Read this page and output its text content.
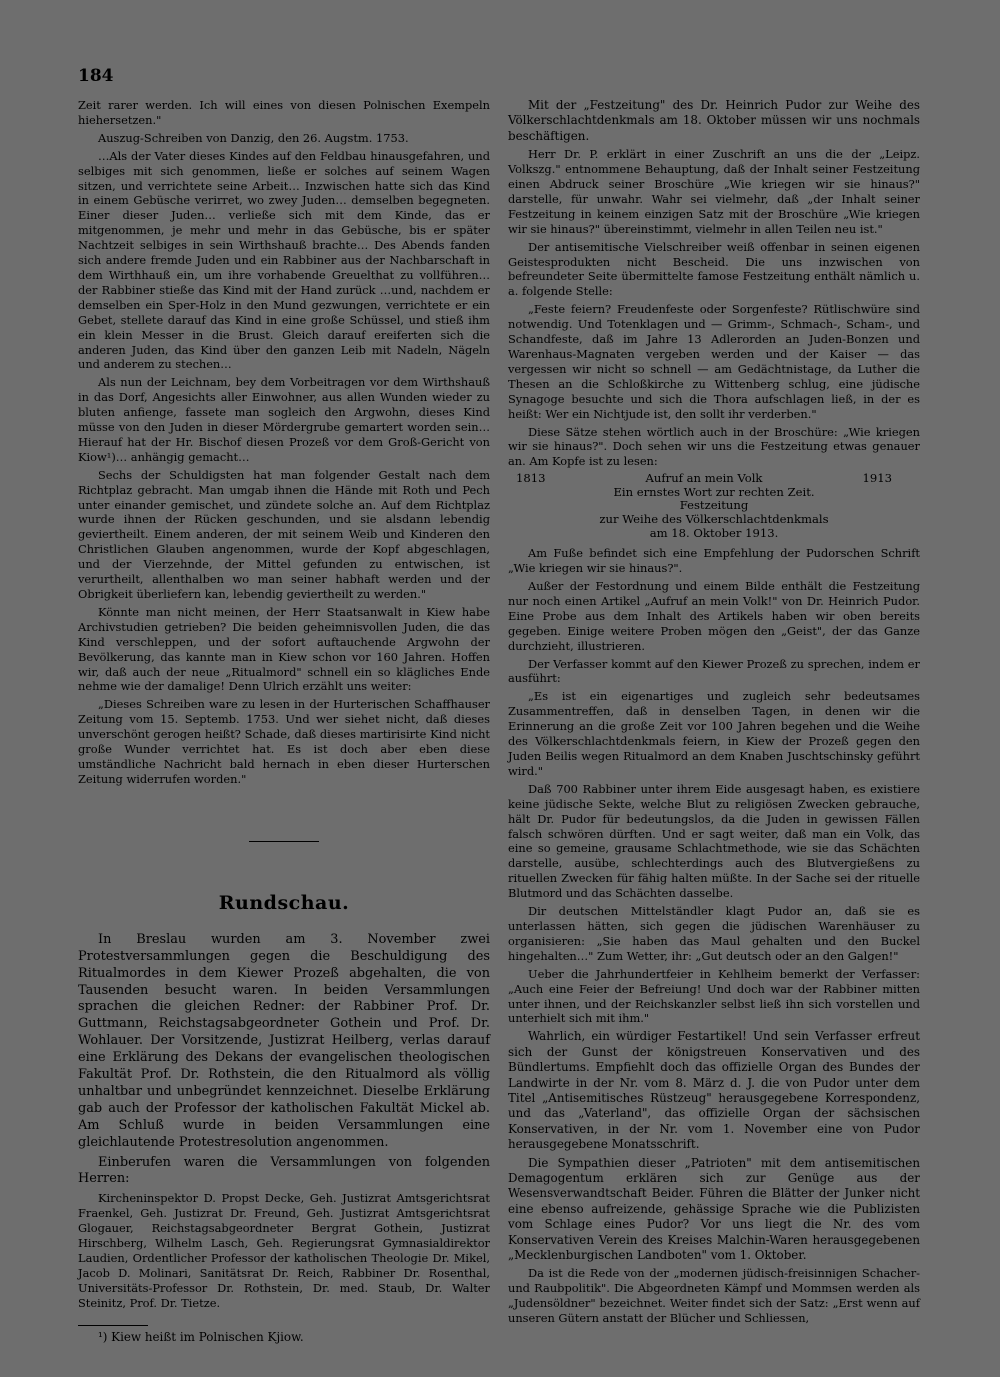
184

Zeit rarer werden. Ich will eines von diesen Polnischen Exempeln hiehersetzen."

Auszug-Schreiben von Danzig, den 26. Augstm. 1753.

…Als der Vater dieses Kindes auf den Feldbau hinausgefahren, und selbiges mit sich genommen, ließe er solches auf seinem Wagen sitzen, und verrichtete seine Arbeit… Inzwischen hatte sich das Kind in einem Gebüsche verirret, wo zwey Juden… demselben begegneten. Einer dieser Juden… verließe sich mit dem Kinde, das er mitgenommen, je mehr und mehr in das Gebüsche, bis er später Nachtzeit selbiges in sein Wirthshauß brachte… Des Abends fanden sich andere fremde Juden und ein Rabbiner aus der Nachbarschaft in dem Wirthhauß ein, um ihre vorhabende Greuelthat zu vollführen… der Rabbiner stieße das Kind mit der Hand zurück …und, nachdem er demselben ein Sper-Holz in den Mund gezwungen, verrichtete er ein Gebet, stellete darauf das Kind in eine große Schüssel, und stieß ihm ein klein Messer in die Brust. Gleich darauf ereiferten sich die anderen Juden, das Kind über den ganzen Leib mit Nadeln, Nägeln und anderem zu stechen…

Als nun der Leichnam, bey dem Vorbeitragen vor dem Wirthshauß in das Dorf, Angesichts aller Einwohner, aus allen Wunden wieder zu bluten anfienge, fassete man sogleich den Argwohn, dieses Kind müsse von den Juden in dieser Mördergrube gemartert worden sein… Hierauf hat der Hr. Bischof diesen Prozeß vor dem Groß-Gericht von Kiow¹)… anhängig gemacht…

Sechs der Schuldigsten hat man folgender Gestalt nach dem Richtplaz gebracht. Man umgab ihnen die Hände mit Roth und Pech unter einander gemischet, und zündete solche an. Auf dem Richtplaz wurde ihnen der Rücken geschunden, und sie alsdann lebendig geviertheilt. Einem anderen, der mit seinem Weib und Kinderen den Christlichen Glauben angenommen, wurde der Kopf abgeschlagen, und der Vierzehnde, der Mittel gefunden zu entwischen, ist verurtheilt, allenthalben wo man seiner habhaft werden und der Obrigkeit überliefern kan, lebendig geviertheilt zu werden."

Könnte man nicht meinen, der Herr Staatsanwalt in Kiew habe Archivstudien getrieben? Die beiden geheimnisvollen Juden, die das Kind verschleppen, und der sofort auftauchende Argwohn der Bevölkerung, das kannte man in Kiew schon vor 160 Jahren. Hoffen wir, daß auch der neue „Ritualmord" schnell ein so klägliches Ende nehme wie der damalige! Denn Ulrich erzählt uns weiter:

„Dieses Schreiben ware zu lesen in der Hurterischen Schaffhauser Zeitung vom 15. Septemb. 1753. Und wer siehet nicht, daß dieses unverschönt gerogen heißt? Schade, daß dieses martirisirte Kind nicht große Wunder verrichtet hat. Es ist doch aber eben diese umständliche Nachricht bald hernach in eben dieser Hurterschen Zeitung widerrufen worden."

Rundschau.

In Breslau wurden am 3. November zwei Protestversammlungen gegen die Beschuldigung des Ritualmordes in dem Kiewer Prozeß abgehalten, die von Tausenden besucht waren. In beiden Versammlungen sprachen die gleichen Redner: der Rabbiner Prof. Dr. Guttmann, Reichstagsabgeordneter Gothein und Prof. Dr. Wohlauer. Der Vorsitzende, Justizrat Heilberg, verlas darauf eine Erklärung des Dekans der evangelischen theologischen Fakultät Prof. Dr. Rothstein, die den Ritualmord als völlig unhaltbar und unbegründet kennzeichnet. Dieselbe Erklärung gab auch der Professor der katholischen Fakultät Mickel ab. Am Schluß wurde in beiden Versammlungen eine gleichlautende Protestresolution angenommen.

Einberufen waren die Versammlungen von folgenden Herren:

Kircheninspektor D. Propst Decke, Geh. Justizrat Amtsgerichtsrat Fraenkel, Geh. Justizrat Dr. Freund, Geh. Justizrat Amtsgerichtsrat Glogauer, Reichstagsabgeordneter Bergrat Gothein, Justizrat Hirschberg, Wilhelm Lasch, Geh. Regierungsrat Gymnasialdirektor Laudien, Ordentlicher Professor der katholischen Theologie Dr. Mikel, Jacob D. Molinari, Sanitätsrat Dr. Reich, Rabbiner Dr. Rosenthal, Universitäts-Professor Dr. Rothstein, Dr. med. Staub, Dr. Walter Steinitz, Prof. Dr. Tietze.

¹) Kiew heißt im Polnischen Kjiow.

Mit der „Festzeitung" des Dr. Heinrich Pudor zur Weihe des Völkerschlachtdenkmals am 18. Oktober müssen wir uns nochmals beschäftigen.

Herr Dr. P. erklärt in einer Zuschrift an uns die der „Leipz. Volkszg." entnommene Behauptung, daß der Inhalt seiner Festzeitung einen Abdruck seiner Broschüre „Wie kriegen wir sie hinaus?" darstelle, für unwahr. Wahr sei vielmehr, daß „der Inhalt seiner Festzeitung in keinem einzigen Satz mit der Broschüre „Wie kriegen wir sie hinaus?" übereinstimmt, vielmehr in allen Teilen neu ist."

Der antisemitische Vielschreiber weiß offenbar in seinen eigenen Geistesprodukten nicht Bescheid. Die uns inzwischen von befreundeter Seite übermittelte famose Festzeitung enthält nämlich u. a. folgende Stelle:

„Feste feiern? Freudenfeste oder Sorgenfeste? Rütlischwüre sind notwendig. Und Totenklagen und — Grimm-, Schmach-, Scham-, und Schandfeste, daß im Jahre 13 Adlerorden an Juden-Bonzen und Warenhaus-Magnaten vergeben werden und der Kaiser — das vergessen wir nicht so schnell — am Gedächtnistage, da Luther die Thesen an die Schloßkirche zu Wittenberg schlug, eine jüdische Synagoge besuchte und sich die Thora aufschlagen ließ, in der es heißt: Wer ein Nichtjude ist, den sollt ihr verderben."

Diese Sätze stehen wörtlich auch in der Broschüre: „Wie kriegen wir sie hinaus?". Doch sehen wir uns die Festzeitung etwas genauer an. Am Kopfe ist zu lesen:

1813	Aufruf an mein Volk	1913
Ein ernstes Wort zur rechten Zeit.
Festzeitung
zur Weihe des Völkerschlachtdenkmals
am 18. Oktober 1913.

Am Fuße befindet sich eine Empfehlung der Pudorschen Schrift „Wie kriegen wir sie hinaus?".

Außer der Festordnung und einem Bilde enthält die Festzeitung nur noch einen Artikel „Aufruf an mein Volk!" von Dr. Heinrich Pudor. Eine Probe aus dem Inhalt des Artikels haben wir oben bereits gegeben. Einige weitere Proben mögen den „Geist", der das Ganze durchzieht, illustrieren.

Der Verfasser kommt auf den Kiewer Prozeß zu sprechen, indem er ausführt:

„Es ist ein eigenartiges und zugleich sehr bedeutsames Zusammentreffen, daß in denselben Tagen, in denen wir die Erinnerung an die große Zeit vor 100 Jahren begehen und die Weihe des Völkerschlachtdenkmals feiern, in Kiew der Prozeß gegen den Juden Beilis wegen Ritualmord an dem Knaben Juschtschinsky geführt wird."

Daß 700 Rabbiner unter ihrem Eide ausgesagt haben, es existiere keine jüdische Sekte, welche Blut zu religiösen Zwecken gebrauche, hält Dr. Pudor für bedeutungslos, da die Juden in gewissen Fällen falsch schwören dürften. Und er sagt weiter, daß man ein Volk, das eine so gemeine, grausame Schlachtmethode, wie sie das Schächten darstelle, ausübe, schlechterdings auch des Blutvergießens zu rituellen Zwecken für fähig halten müßte. In der Sache sei der rituelle Blutmord und das Schächten dasselbe.

Dir deutschen Mittelständler klagt Pudor an, daß sie es unterlassen hätten, sich gegen die jüdischen Warenhäuser zu organisieren: „Sie haben das Maul gehalten und den Buckel hingehalten…" Zum Wetter, ihr: „Gut deutsch oder an den Galgen!"

Ueber die Jahrhundertfeier in Kehlheim bemerkt der Verfasser: „Auch eine Feier der Befreiung! Und doch war der Rabbiner mitten unter ihnen, und der Reichskanzler selbst ließ ihn sich vorstellen und unterhielt sich mit ihm."

Wahrlich, ein würdiger Festartikel! Und sein Verfasser erfreut sich der Gunst der königstreuen Konservativen und des Bündlertums. Empfiehlt doch das offizielle Organ des Bundes der Landwirte in der Nr. vom 8. März d. J. die von Pudor unter dem Titel „Antisemitisches Rüstzeug" herausgegebene Korrespondenz, und das „Vaterland", das offizielle Organ der sächsischen Konservativen, in der Nr. vom 1. November eine von Pudor herausgegebene Monatsschrift.

Die Sympathien dieser „Patrioten" mit dem antisemitischen Demagogentum erklären sich zur Genüge aus der Wesensverwandtschaft Beider. Führen die Blätter der Junker nicht eine ebenso aufreizende, gehässige Sprache wie die Publizisten vom Schlage eines Pudor? Vor uns liegt die Nr. des vom Konservativen Verein des Kreises Malchin-Waren herausgegebenen „Mecklenburgischen Landboten" vom 1. Oktober.

Da ist die Rede von der „modernen jüdisch-freisinnigen Schacher- und Raubpolitik". Die Abgeordneten Kämpf und Mommsen werden als „Judensöldner" bezeichnet. Weiter findet sich der Satz: „Erst wenn auf unseren Gütern anstatt der Blücher und Schliessen,
